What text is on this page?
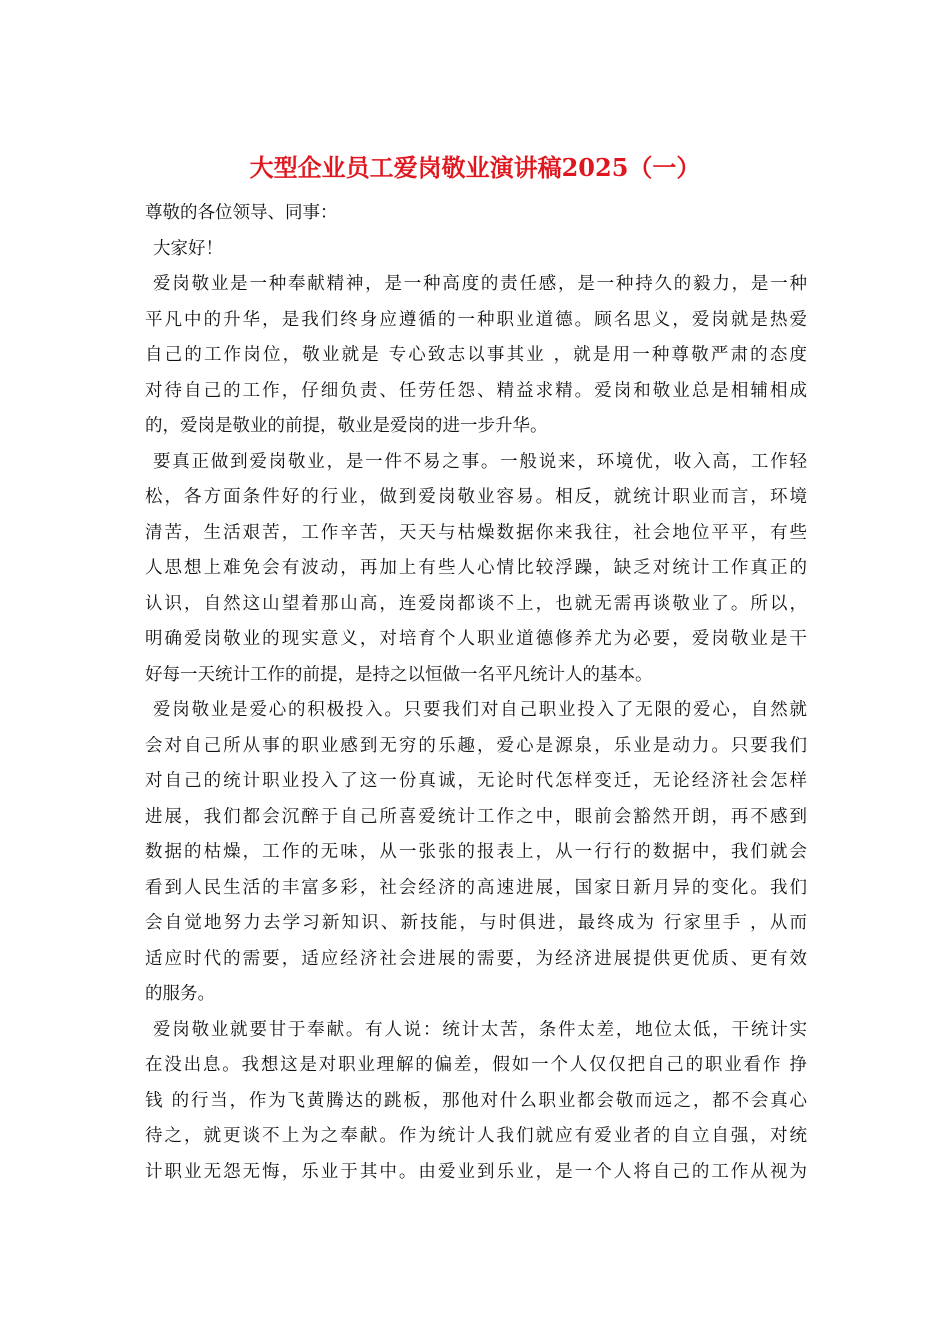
大型企业员工爱岗敬业演讲稿2025（一）
尊敬的各位领导、同事：
大家好！
爱岗敬业是一种奉献精神，是一种高度的责任感，是一种持久的毅力，是一种
平凡中的升华，是我们终身应遵循的一种职业道德。顾名思义，爱岗就是热爱
自己的工作岗位，敬业就是 专心致志以事其业 ，就是用一种尊敬严肃的态度
对待自己的工作，仔细负责、任劳任怨、精益求精。爱岗和敬业总是相辅相成
的，爱岗是敬业的前提，敬业是爱岗的进一步升华。
要真正做到爱岗敬业，是一件不易之事。一般说来，环境优，收入高，工作轻
松，各方面条件好的行业，做到爱岗敬业容易。相反，就统计职业而言，环境
清苦，生活艰苦，工作辛苦，天天与枯燥数据你来我往，社会地位平平，有些
人思想上难免会有波动，再加上有些人心情比较浮躁，缺乏对统计工作真正的
认识，自然这山望着那山高，连爱岗都谈不上，也就无需再谈敬业了。所以，
明确爱岗敬业的现实意义，对培育个人职业道德修养尤为必要，爱岗敬业是干
好每一天统计工作的前提，是持之以恒做一名平凡统计人的基本。
爱岗敬业是爱心的积极投入。只要我们对自己职业投入了无限的爱心，自然就
会对自己所从事的职业感到无穷的乐趣，爱心是源泉，乐业是动力。只要我们
对自己的统计职业投入了这一份真诚，无论时代怎样变迁，无论经济社会怎样
进展，我们都会沉醉于自己所喜爱统计工作之中，眼前会豁然开朗，再不感到
数据的枯燥，工作的无味，从一张张的报表上，从一行行的数据中，我们就会
看到人民生活的丰富多彩，社会经济的高速进展，国家日新月异的变化。我们
会自觉地努力去学习新知识、新技能，与时俱进，最终成为 行家里手 ，从而
适应时代的需要，适应经济社会进展的需要，为经济进展提供更优质、更有效
的服务。
爱岗敬业就要甘于奉献。有人说：统计太苦，条件太差，地位太低，干统计实
在没出息。我想这是对职业理解的偏差，假如一个人仅仅把自己的职业看作 挣
钱 的行当，作为飞黄腾达的跳板，那他对什么职业都会敬而远之，都不会真心
待之，就更谈不上为之奉献。作为统计人我们就应有爱业者的自立自强，对统
计职业无怨无悔，乐业于其中。由爱业到乐业，是一个人将自己的工作从视为
